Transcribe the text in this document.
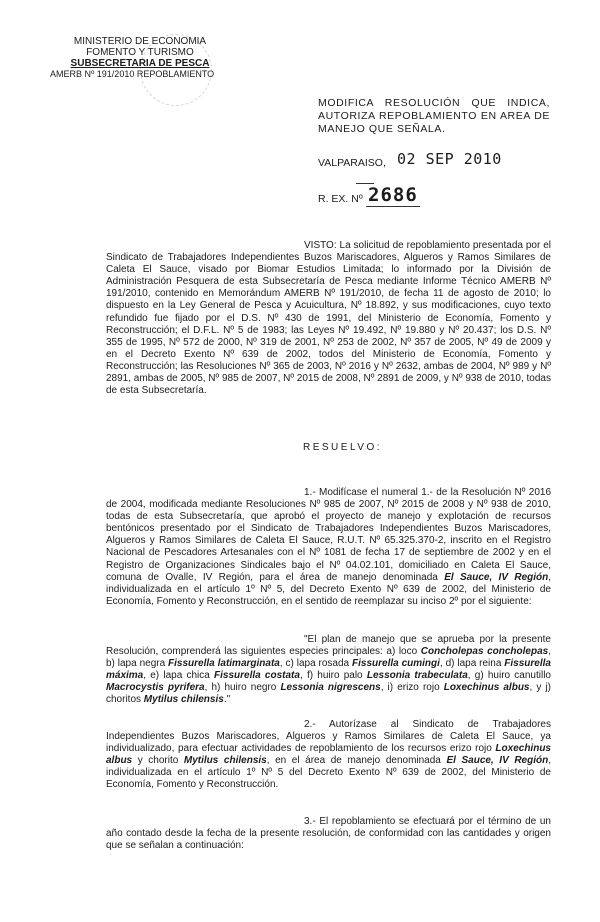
MINISTERIO DE ECONOMIA
FOMENTO Y TURISMO
SUBSECRETARIA DE PESCA
AMERB Nº 191/2010 REPOBLAMIENTO
MODIFICA RESOLUCIÓN QUE INDICA, AUTORIZA REPOBLAMIENTO EN AREA DE MANEJO QUE SEÑALA.
VALPARAISO, 02 SEP 2010
R. EX. Nº 2686

VISTO: La solicitud de repoblamiento presentada por el Sindicato de Trabajadores Independientes Buzos Mariscadores, Algueros y Ramos Similares de Caleta El Sauce, visado por Biomar Estudios Limitada; lo informado por la División de Administración Pesquera de esta Subsecretaría de Pesca mediante Informe Técnico AMERB Nº 191/2010, contenido en Memorándum AMERB Nº 191/2010, de fecha 11 de agosto de 2010; lo dispuesto en la Ley General de Pesca y Acuicultura, Nº 18.892, y sus modificaciones, cuyo texto refundido fue fijado por el D.S. Nº 430 de 1991, del Ministerio de Economía, Fomento y Reconstrucción; el D.F.L. Nº 5 de 1983; las Leyes Nº 19.492, Nº 19.880 y Nº 20.437; los D.S. Nº 355 de 1995, Nº 572 de 2000, Nº 319 de 2001, Nº 253 de 2002, Nº 357 de 2005, Nº 49 de 2009 y en el Decreto Exento Nº 639 de 2002, todos del Ministerio de Economía, Fomento y Reconstrucción; las Resoluciones Nº 365 de 2003, Nº 2016 y Nº 2632, ambas de 2004, Nº 989 y Nº 2891, ambas de 2005, Nº 985 de 2007, Nº 2015 de 2008, Nº 2891 de 2009, y Nº 938 de 2010, todas de esta Subsecretaría.

RESUELVO:

1.- Modifícase el numeral 1.- de la Resolución Nº 2016 de 2004, modificada mediante Resoluciones Nº 985 de 2007, Nº 2015 de 2008 y Nº 938 de 2010, todas de esta Subsecretaría, que aprobó el proyecto de manejo y explotación de recursos bentónicos presentado por el Sindicato de Trabajadores Independientes Buzos Mariscadores, Algueros y Ramos Similares de Caleta El Sauce, R.U.T. Nº 65.325.370-2, inscrito en el Registro Nacional de Pescadores Artesanales con el Nº 1081 de fecha 17 de septiembre de 2002 y en el Registro de Organizaciones Sindicales bajo el Nº 04.02.101, domiciliado en Caleta El Sauce, comuna de Ovalle, IV Región, para el área de manejo denominada El Sauce, IV Región, individualizada en el artículo 1º Nº 5, del Decreto Exento Nº 639 de 2002, del Ministerio de Economía, Fomento y Reconstrucción, en el sentido de reemplazar su inciso 2º por el siguiente:

"El plan de manejo que se aprueba por la presente Resolución, comprenderá las siguientes especies principales: a) loco Concholepas concholepas, b) lapa negra Fissurella latimarginata, c) lapa rosada Fissurella cumingi, d) lapa reina Fissurella máxima, e) lapa chica Fissurella costata, f) huiro palo Lessonia trabeculata, g) huiro canutillo Macrocystis pyrifera, h) huiro negro Lessonia nigrescens, i) erizo rojo Loxechinus albus, y j) choritos Mytilus chilensis."

2.- Autorízase al Sindicato de Trabajadores Independientes Buzos Mariscadores, Algueros y Ramos Similares de Caleta El Sauce, ya individualizado, para efectuar actividades de repoblamiento de los recursos erizo rojo Loxechinus albus y chorito Mytilus chilensis, en el área de manejo denominada El Sauce, IV Región, individualizada en el artículo 1º Nº 5 del Decreto Exento Nº 639 de 2002, del Ministerio de Economía, Fomento y Reconstrucción.

3.- El repoblamiento se efectuará por el término de un año contado desde la fecha de la presente resolución, de conformidad con las cantidades y origen que se señalan a continuación:
